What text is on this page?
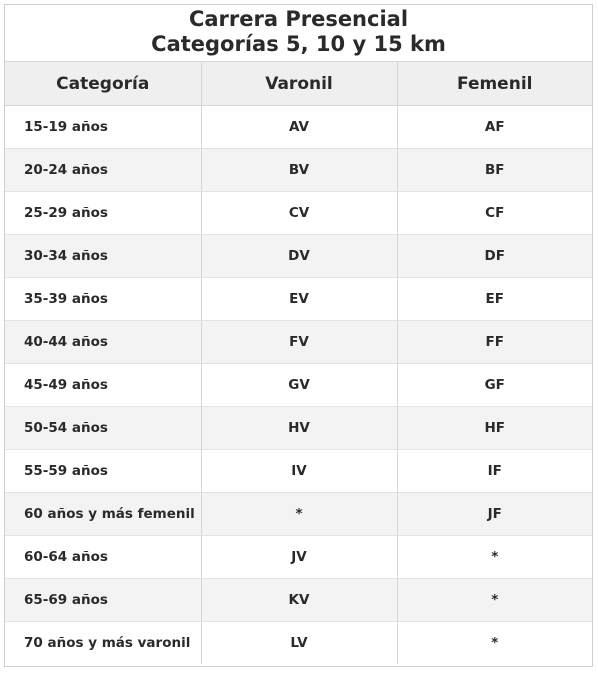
Carrera Presencial
Categorías 5, 10 y 15 km
Categoría	Varonil	Femenil
15-19 años	AV	AF
20-24 años	BV	BF
25-29 años	CV	CF
30-34 años	DV	DF
35-39 años	EV	EF
40-44 años	FV	FF
45-49 años	GV	GF
50-54 años	HV	HF
55-59 años	IV	IF
60 años y más femenil	*	JF
60-64 años	JV	*
65-69 años	KV	*
70 años y más varonil	LV	*
